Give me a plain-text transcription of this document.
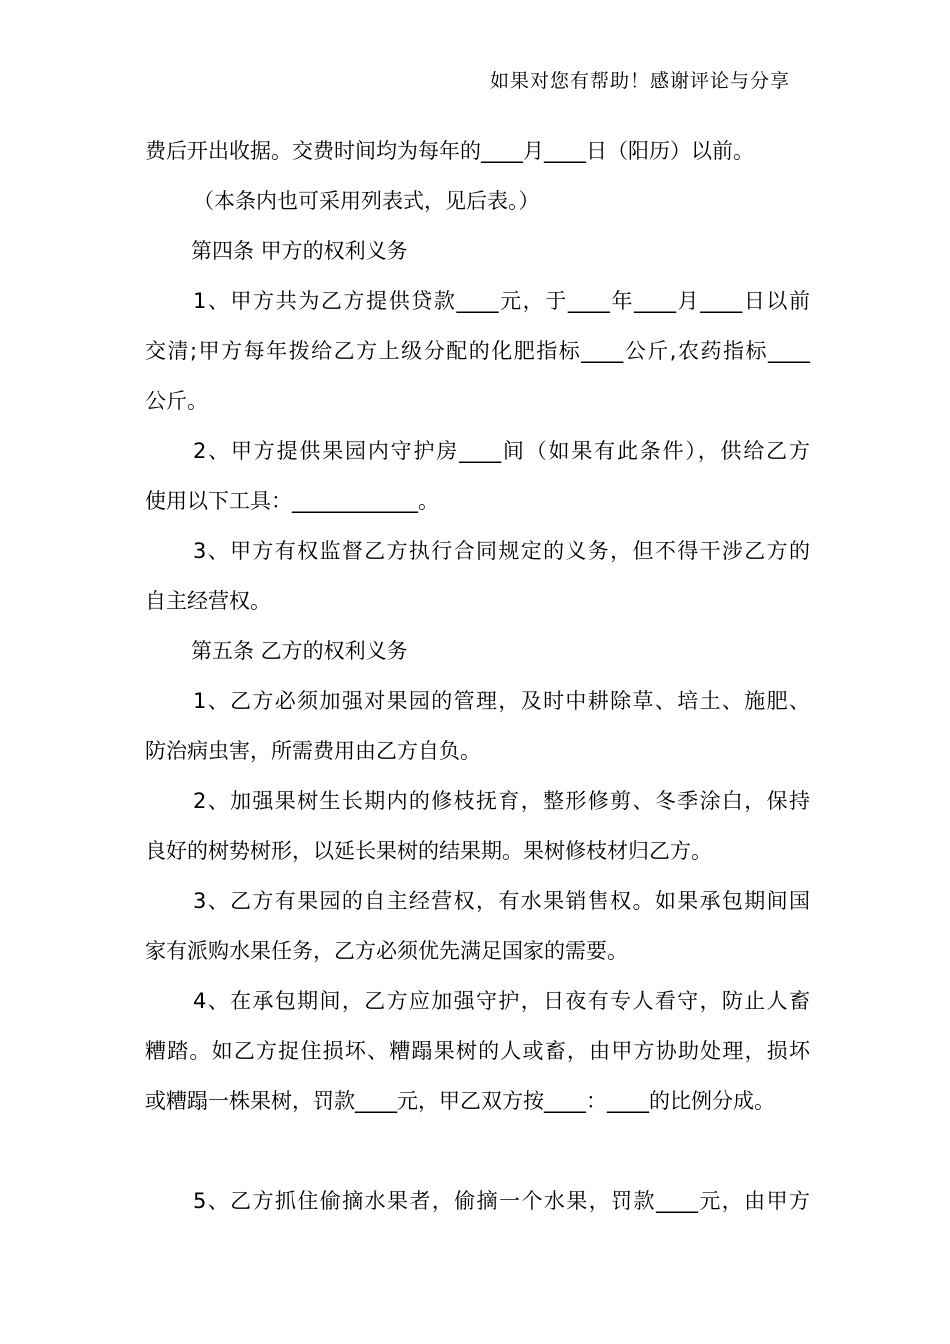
如果对您有帮助！感谢评论与分享
费后开出收据。交费时间均为每年的____月____日（阳历）以前。
（本条内也可采用列表式，见后表。）
第四条 甲方的权利义务
1、甲方共为乙方提供贷款____元，于____年____月____日以前
交清;甲方每年拨给乙方上级分配的化肥指标____公斤,农药指标____
公斤。
2、甲方提供果园内守护房____间（如果有此条件），供给乙方
使用以下工具：____________。
3、甲方有权监督乙方执行合同规定的义务，但不得干涉乙方的
自主经营权。
第五条 乙方的权利义务
1、乙方必须加强对果园的管理，及时中耕除草、培土、施肥、
防治病虫害，所需费用由乙方自负。
2、加强果树生长期内的修枝抚育，整形修剪、冬季涂白，保持
良好的树势树形，以延长果树的结果期。果树修枝材归乙方。
3、乙方有果园的自主经营权，有水果销售权。如果承包期间国
家有派购水果任务，乙方必须优先满足国家的需要。
4、在承包期间，乙方应加强守护，日夜有专人看守，防止人畜
糟踏。如乙方捉住损坏、糟蹋果树的人或畜，由甲方协助处理，损坏
或糟蹋一株果树，罚款____元，甲乙双方按____：____的比例分成。
5、乙方抓住偷摘水果者，偷摘一个水果，罚款____元，由甲方
